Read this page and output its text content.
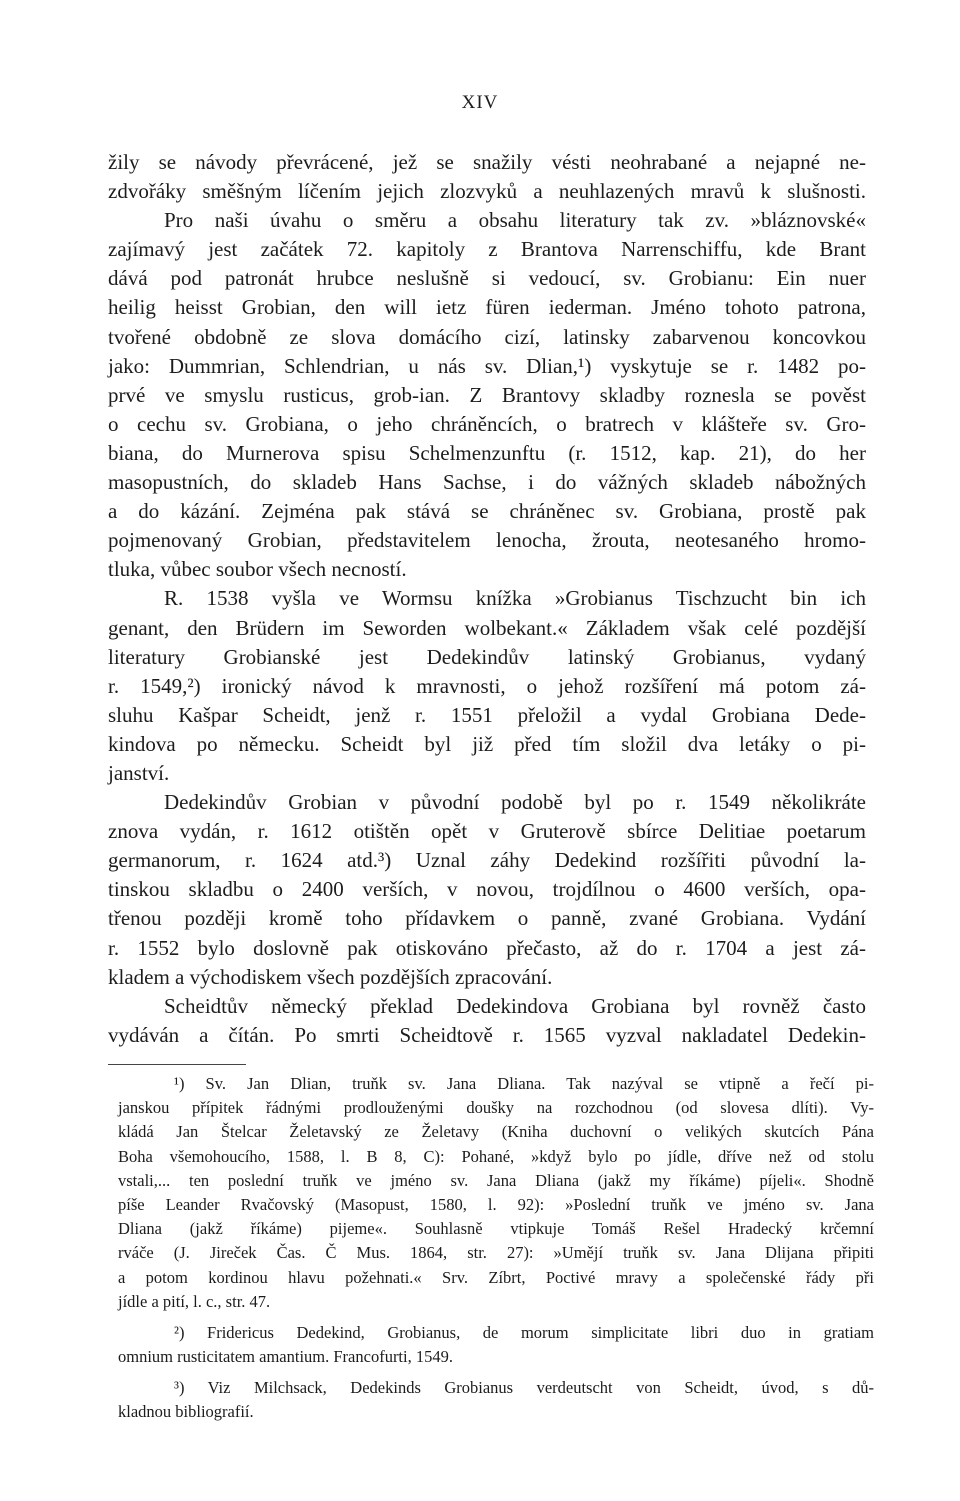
XIV
žily se návody převrácené, jež se snažily vésti neohrabané a nejapné ne-
zdvořáky směšným líčením jejich zlozvyků a neuhlazených mravů k slušnosti.
Pro naši úvahu o směru a obsahu literatury tak zv. »bláznovské«
zajímavý jest začátek 72. kapitoly z Brantova Narrenschiffu, kde Brant
dává pod patronát hrubce neslušně si vedoucí, sv. Grobianu: Ein nuer
heilig heisst Grobian, den will ietz füren iederman. Jméno tohoto patrona,
tvořené obdobně ze slova domácího cizí, latinsky zabarvenou koncovkou
jako: Dummrian, Schlendrian, u nás sv. Dlian,¹) vyskytuje se r. 1482 po-
prvé ve smyslu rusticus, grob-ian. Z Brantovy skladby roznesla se pověst
o cechu sv. Grobiana, o jeho chráněncích, o bratrech v klášteře sv. Gro-
biana, do Murnerova spisu Schelmenzunftu (r. 1512, kap. 21), do her
masopustních, do skladeb Hans Sachse, i do vážných skladeb nábožných
a do kázání. Zejména pak stává se chráněnec sv. Grobiana, prostě pak
pojmenovaný Grobian, představitelem lenocha, žrouta, neotesaného hromo-
tluka, vůbec soubor všech necností.
R. 1538 vyšla ve Wormsu knížka »Grobianus Tischzucht bin ich
genant, den Brüdern im Seworden wolbekant.« Základem však celé pozdější
literatury Grobianské jest Dedekindův latinský Grobianus, vydaný
r. 1549,²) ironický návod k mravnosti, o jehož rozšíření má potom zá-
sluhu Kašpar Scheidt, jenž r. 1551 přeložil a vydal Grobiana Dede-
kindova po německu. Scheidt byl již před tím složil dva letáky o pi-
janství.
Dedekindův Grobian v původní podobě byl po r. 1549 několikráte
znova vydán, r. 1612 otištěn opět v Gruterově sbírce Delitiae poetarum
germanorum, r. 1624 atd.³) Uznal záhy Dedekind rozšířiti původní la-
tinskou skladbu o 2400 verších, v novou, trojdílnou o 4600 verších, opa-
třenou později kromě toho přídavkem o panně, zvané Grobiana. Vydání
r. 1552 bylo doslovně pak otiskováno přečasto, až do r. 1704 a jest zá-
kladem a východiskem všech pozdějších zpracování.
Scheidtův německý překlad Dedekindova Grobiana byl rovněž často
vydáván a čítán. Po smrti Scheidtově r. 1565 vyzval nakladatel Dedekin-
¹) Sv. Jan Dlian, truňk sv. Jana Dliana. Tak nazýval se vtipně a řečí pi-
janskou přípitek řádnými prodlouženými doušky na rozchodnou (od slovesa dlíti). Vy-
kládá Jan Štelcar Želetavský ze Želetavy (Kniha duchovní o velikých skutcích Pána
Boha všemohoucího, 1588, l. B 8, C): Pohané, »když bylo po jídle, dříve než od stolu
vstali,... ten poslední truňk ve jméno sv. Jana Dliana (jakž my říkáme) píjeli«. Shodně
píše Leander Rvačovský (Masopust, 1580, l. 92): »Poslední truňk ve jméno sv. Jana
Dliana (jakž říkáme) pijeme«. Souhlasně vtipkuje Tomáš Rešel Hradecký krčemní
rváče (J. Jireček Čas. Č Mus. 1864, str. 27): »Umějí truňk sv. Jana Dlijana připiti
a potom kordinou hlavu požehnati.« Srv. Zíbrt, Poctivé mravy a společenské řády při
jídle a pití, l. c., str. 47.
²) Fridericus Dedekind, Grobianus, de morum simplicitate libri duo in gratiam
omnium rusticitatem amantium. Francofurti, 1549.
³) Viz Milchsack, Dedekinds Grobianus verdeutscht von Scheidt, úvod, s dů-
kladnou bibliografií.
